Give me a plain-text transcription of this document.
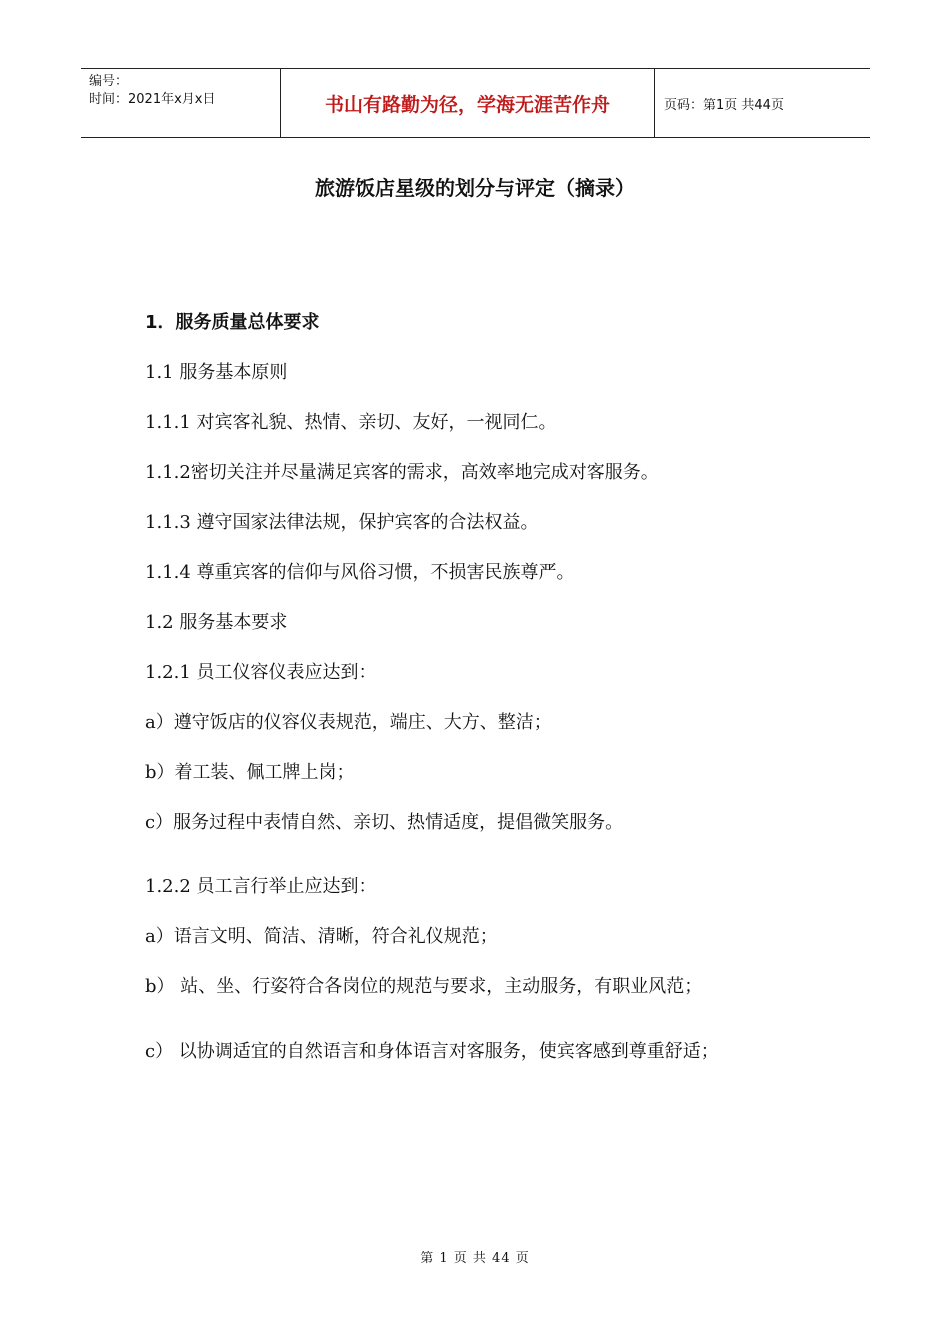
编号：
时间：2021年x月x日	书山有路勤为径，学海无涯苦作舟	页码：第1页 共44页
旅游饭店星级的划分与评定（摘录）

1．服务质量总体要求

1.1 服务基本原则

1.1.1 对宾客礼貌、热情、亲切、友好，一视同仁。

1.1.2密切关注并尽量满足宾客的需求，高效率地完成对客服务。

1.1.3 遵守国家法律法规，保护宾客的合法权益。

1.1.4 尊重宾客的信仰与风俗习惯，不损害民族尊严。

1.2 服务基本要求

1.2.1 员工仪容仪表应达到：

a）遵守饭店的仪容仪表规范，端庄、大方、整洁；

b）着工装、佩工牌上岗；

c）服务过程中表情自然、亲切、热情适度，提倡微笑服务。

1.2.2 员工言行举止应达到：

a）语言文明、简洁、清晰，符合礼仪规范；

b） 站、坐、行姿符合各岗位的规范与要求，主动服务，有职业风范；

c） 以协调适宜的自然语言和身体语言对客服务，使宾客感到尊重舒适；

第 1 页 共 44 页
